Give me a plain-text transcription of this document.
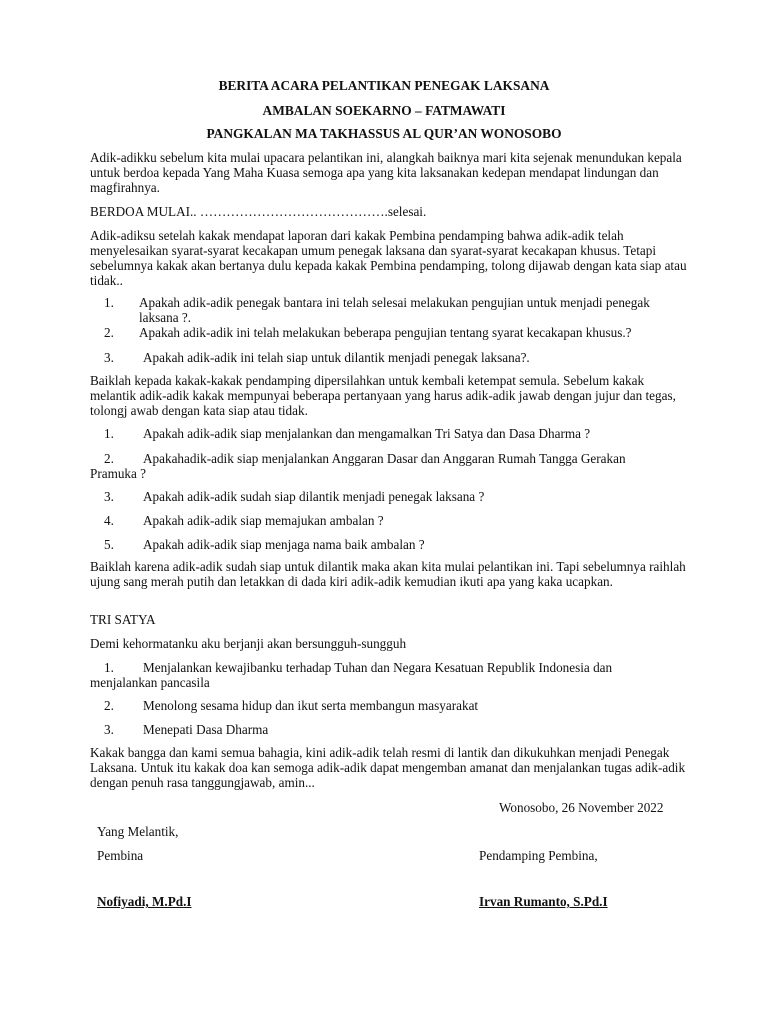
BERITA ACARA PELANTIKAN PENEGAK LAKSANA
AMBALAN SOEKARNO – FATMAWATI
PANGKALAN MA TAKHASSUS AL QUR’AN WONOSOBO
Adik-adikku sebelum kita mulai upacara pelantikan ini, alangkah baiknya mari kita sejenak menundukan kepala untuk berdoa kepada Yang Maha Kuasa semoga apa yang kita laksanakan kedepan mendapat lindungan dan magfirahnya.
BERDOA MULAI.. …………………………………….selesai.
Adik-adiksu setelah kakak mendapat laporan dari kakak Pembina pendamping bahwa adik-adik telah menyelesaikan syarat-syarat kecakapan umum penegak laksana dan syarat-syarat kecakapan khusus. Tetapi sebelumnya kakak akan bertanya dulu kepada kakak Pembina pendamping, tolong dijawab dengan kata siap atau tidak..
1. Apakah adik-adik penegak bantara ini telah selesai melakukan pengujian untuk menjadi penegak laksana ?.
2. Apakah adik-adik ini telah melakukan beberapa pengujian tentang syarat kecakapan khusus.?
3. Apakah adik-adik ini telah siap untuk dilantik menjadi penegak laksana?.
Baiklah kepada kakak-kakak pendamping dipersilahkan untuk kembali ketempat semula. Sebelum kakak melantik adik-adik kakak mempunyai beberapa pertanyaan yang harus adik-adik jawab dengan jujur dan tegas, tolongj awab dengan kata siap atau tidak.
1. Apakah adik-adik siap menjalankan dan mengamalkan Tri Satya dan Dasa Dharma ?
2. Apakahadik-adik siap menjalankan Anggaran Dasar dan Anggaran Rumah Tangga Gerakan
Pramuka ?
3. Apakah adik-adik sudah siap dilantik menjadi penegak laksana ?
4. Apakah adik-adik siap memajukan ambalan ?
5. Apakah adik-adik siap menjaga nama baik ambalan ?
Baiklah karena adik-adik sudah siap untuk dilantik maka akan kita mulai pelantikan ini. Tapi sebelumnya raihlah ujung sang merah putih dan letakkan di dada kiri adik-adik kemudian ikuti apa yang kaka ucapkan.
TRI SATYA
Demi kehormatanku aku berjanji akan bersungguh-sungguh
1. Menjalankan kewajibanku terhadap Tuhan dan Negara Kesatuan Republik Indonesia dan
menjalankan pancasila
2. Menolong sesama hidup dan ikut serta membangun masyarakat
3. Menepati Dasa Dharma
Kakak bangga dan kami semua bahagia, kini adik-adik telah resmi di lantik dan dikukuhkan menjadi Penegak Laksana. Untuk itu kakak doa kan semoga adik-adik dapat mengemban amanat dan menjalankan tugas adik-adik dengan penuh rasa tanggungjawab, amin...
Wonosobo, 26 November 2022
Yang Melantik,
Pembina	Pendamping Pembina,
Nofiyadi, M.Pd.I	Irvan Rumanto, S.Pd.I
